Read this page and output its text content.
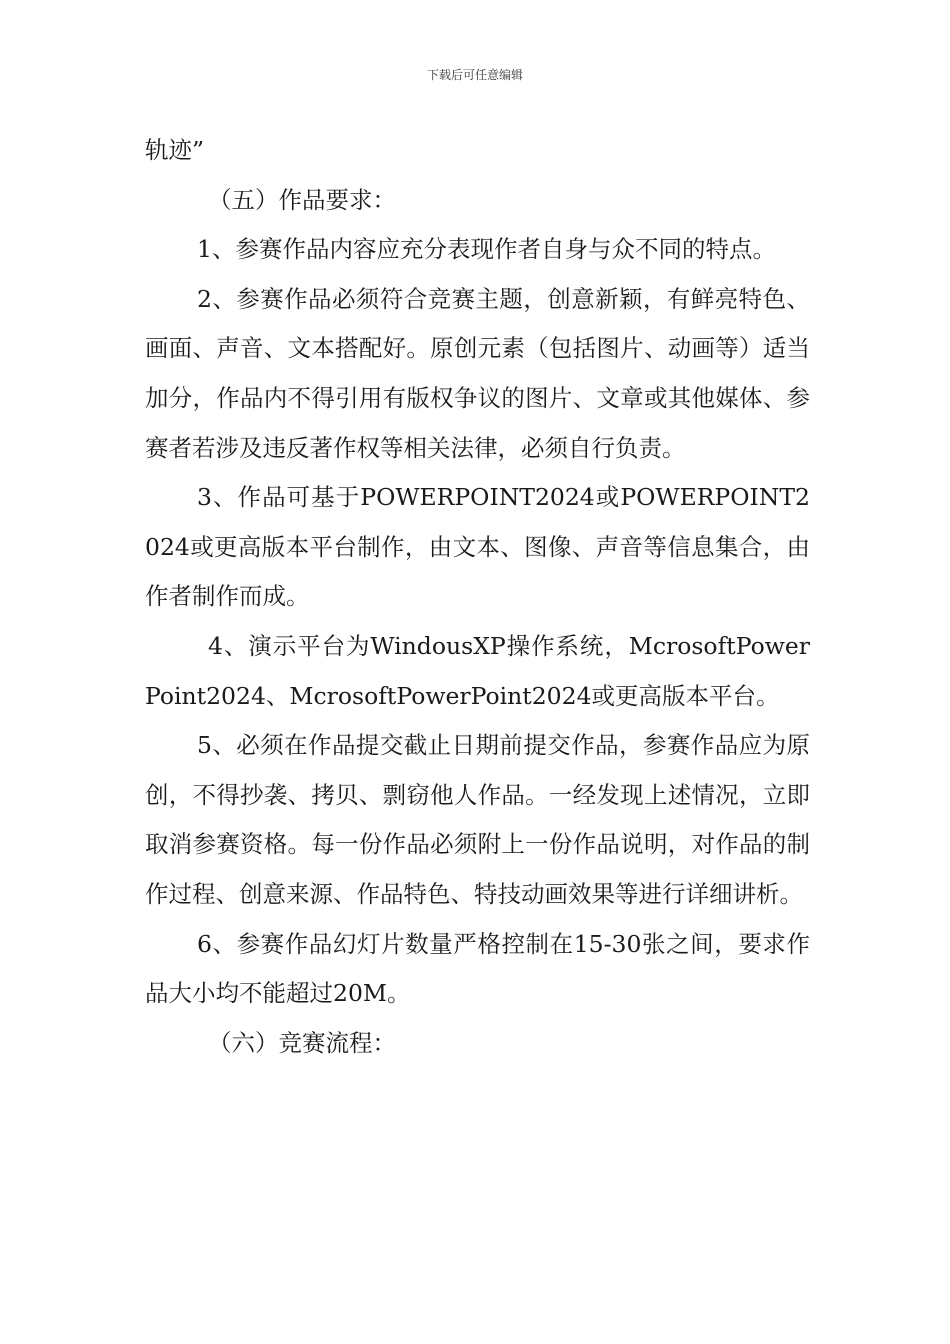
下载后可任意编辑

轨迹”

（五）作品要求：

1、参赛作品内容应充分表现作者自身与众不同的特点。

2、参赛作品必须符合竞赛主题，创意新颖，有鲜亮特色、画面、声音、文本搭配好。原创元素（包括图片、动画等）适当加分，作品内不得引用有版权争议的图片、文章或其他媒体、参赛者若涉及违反著作权等相关法律，必须自行负责。

3、作品可基于POWERPOINT2024或POWERPOINT2024或更高版本平台制作，由文本、图像、声音等信息集合，由作者制作而成。

4、演示平台为WindousXP操作系统，McrosoftPowerPoint2024、McrosoftPowerPoint2024或更高版本平台。

5、必须在作品提交截止日期前提交作品，参赛作品应为原创，不得抄袭、拷贝、剽窃他人作品。一经发现上述情况，立即取消参赛资格。每一份作品必须附上一份作品说明，对作品的制作过程、创意来源、作品特色、特技动画效果等进行详细讲析。

6、参赛作品幻灯片数量严格控制在15-30张之间，要求作品大小均不能超过20M。

（六）竞赛流程：
